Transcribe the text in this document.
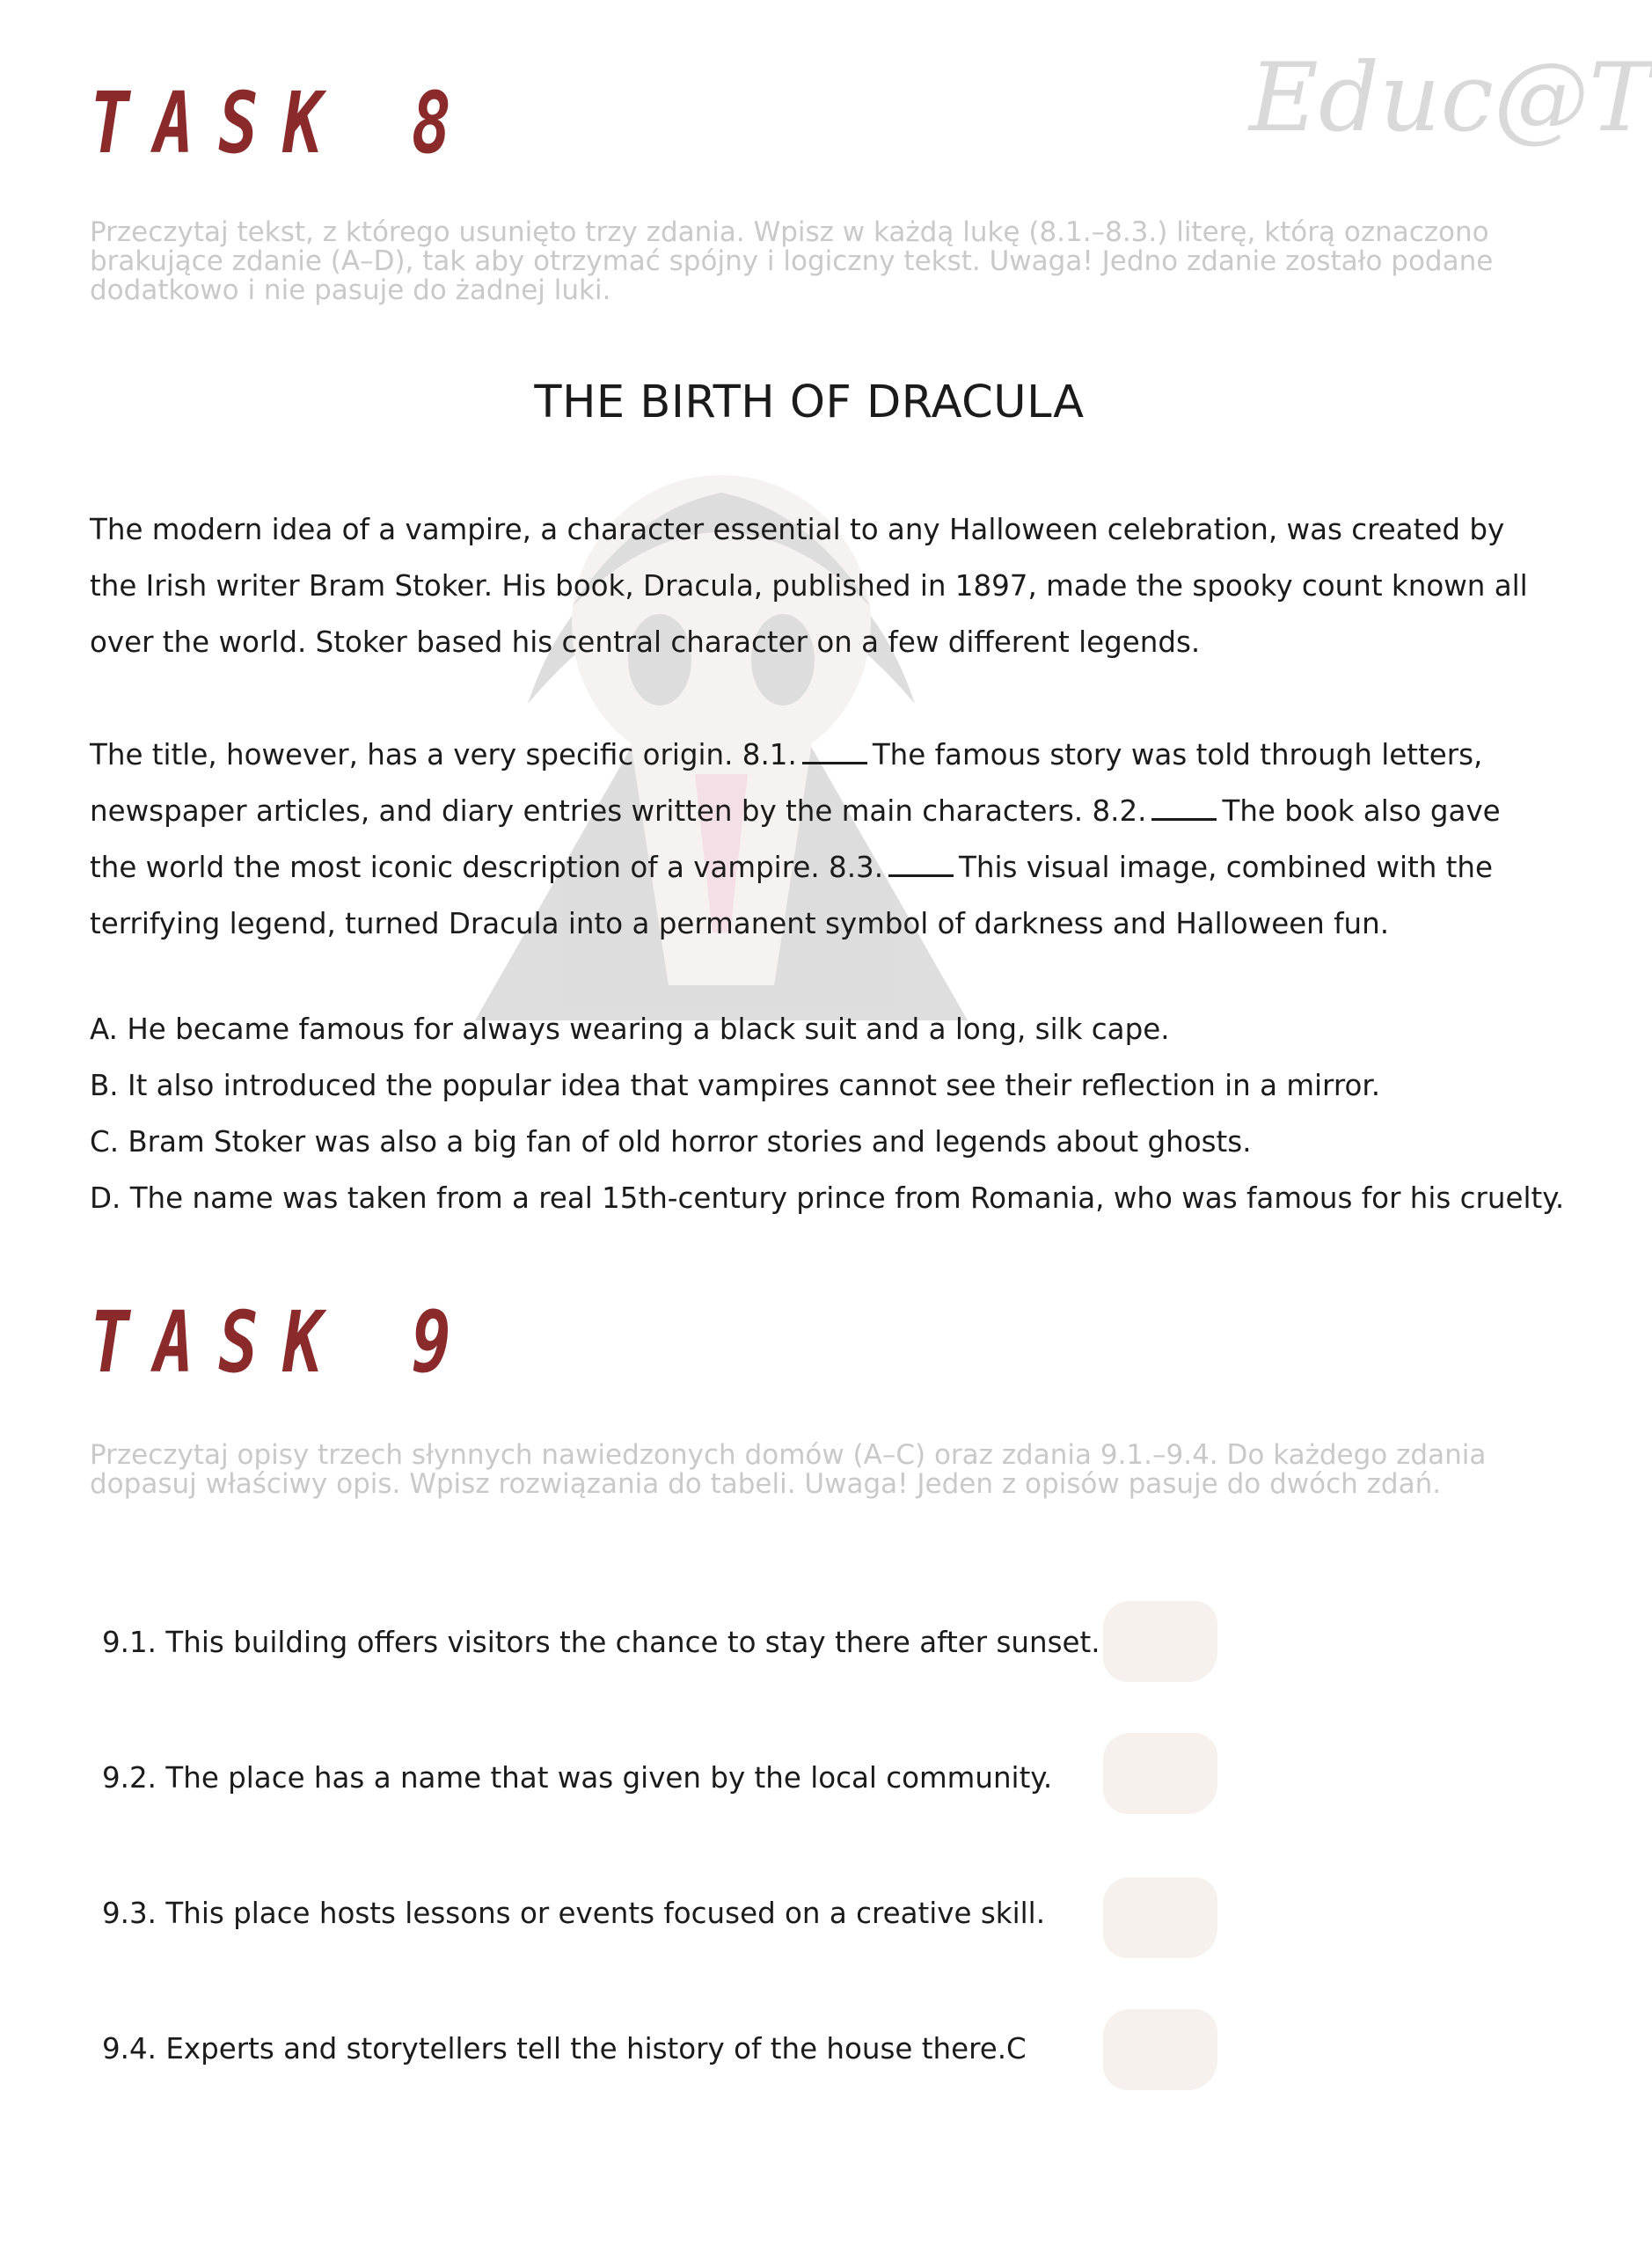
Educ@T
TASK 8
Przeczytaj tekst, z którego usunięto trzy zdania. Wpisz w każdą lukę (8.1.–8.3.) literę, którą oznaczono brakujące zdanie (A–D), tak aby otrzymać spójny i logiczny tekst. Uwaga! Jedno zdanie zostało podane dodatkowo i nie pasuje do żadnej luki.
THE BIRTH OF DRACULA
The modern idea of a vampire, a character essential to any Halloween celebration, was created by the Irish writer Bram Stoker. His book, Dracula, published in 1897, made the spooky count known all over the world. Stoker based his central character on a few different legends.
The title, however, has a very specific origin. 8.1.	The famous story was told through letters, newspaper articles, and diary entries written by the main characters. 8.2.	The book also gave the world the most iconic description of a vampire. 8.3.	This visual image, combined with the terrifying legend, turned Dracula into a permanent symbol of darkness and Halloween fun.
A. He became famous for always wearing a black suit and a long, silk cape.
B. It also introduced the popular idea that vampires cannot see their reflection in a mirror.
C. Bram Stoker was also a big fan of old horror stories and legends about ghosts.
D. The name was taken from a real 15th-century prince from Romania, who was famous for his cruelty.
TASK 9
Przeczytaj opisy trzech słynnych nawiedzonych domów (A–C) oraz zdania 9.1.–9.4. Do każdego zdania dopasuj właściwy opis. Wpisz rozwiązania do tabeli. Uwaga! Jeden z opisów pasuje do dwóch zdań.
9.1. This building offers visitors the chance to stay there after sunset.
9.2. The place has a name that was given by the local community.
9.3. This place hosts lessons or events focused on a creative skill.
9.4. Experts and storytellers tell the history of the house there.C
